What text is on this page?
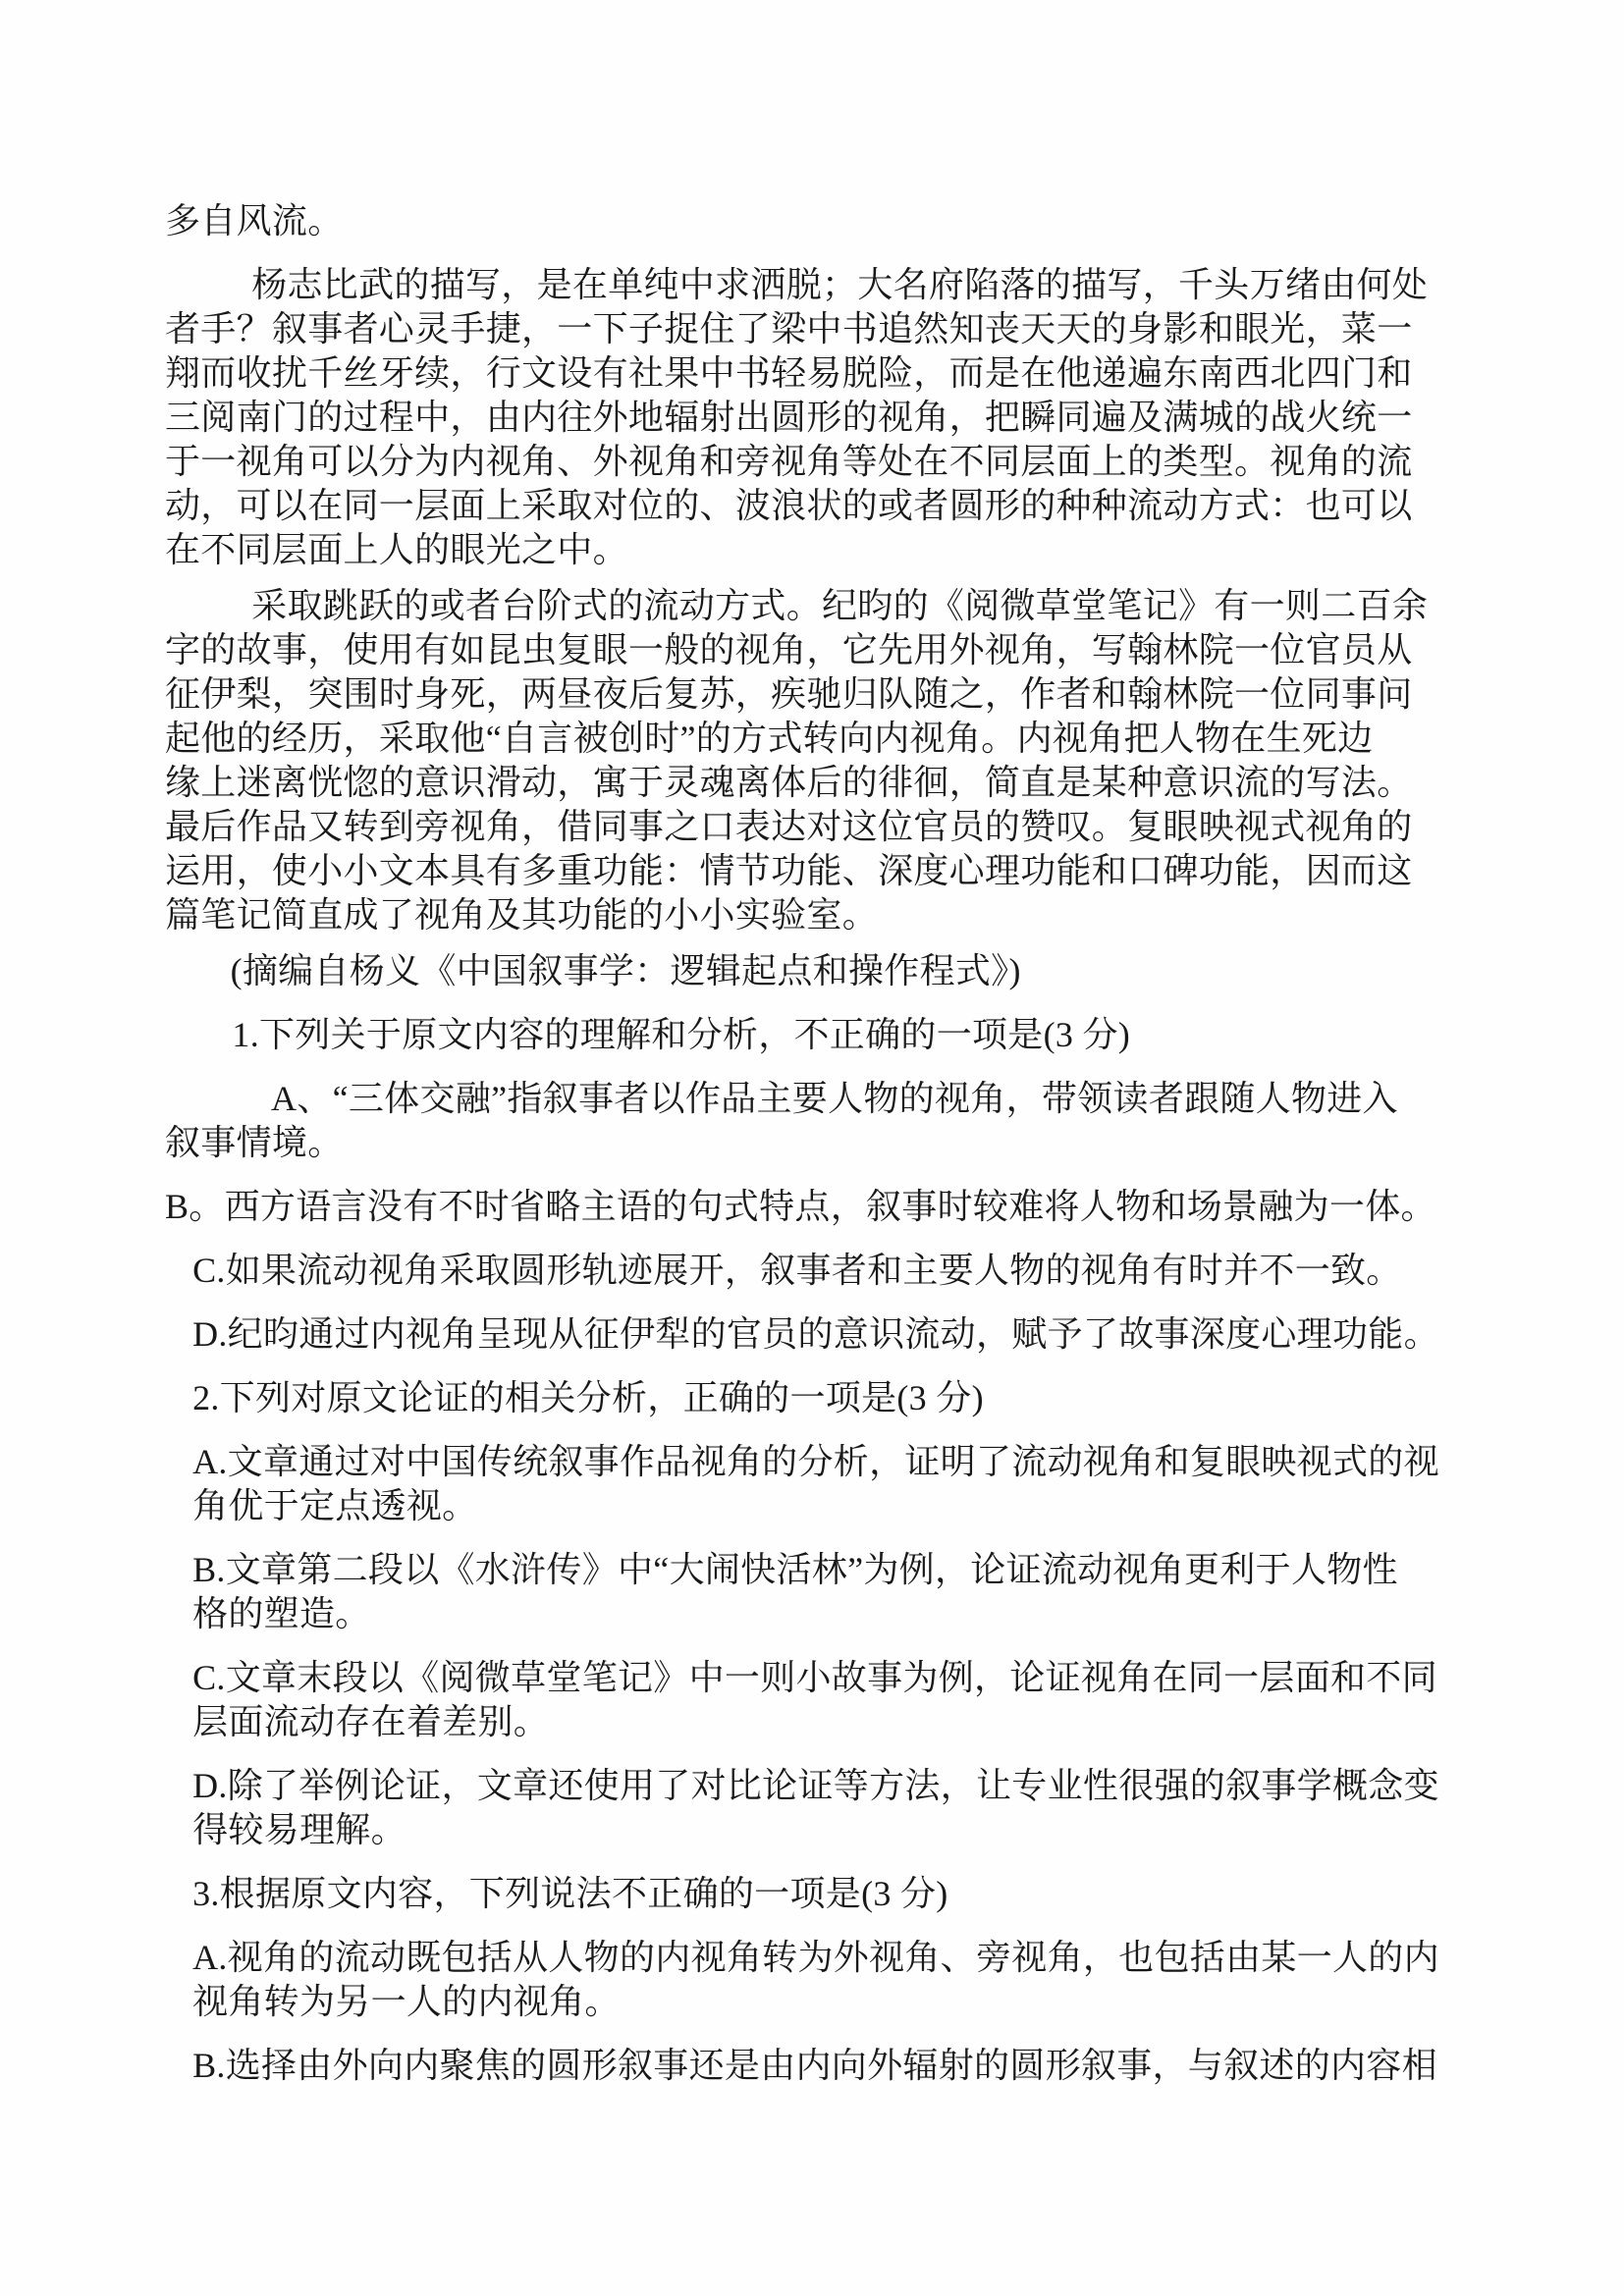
多自风流。
杨志比武的描写，是在单纯中求洒脱；大名府陷落的描写，千头万绪由何处
者手？叙事者心灵手捷，一下子捉住了梁中书追然知丧天天的身影和眼光，菜一
翔而收扰千丝牙续，行文设有社果中书轻易脱险，而是在他递遍东南西北四门和
三阅南门的过程中，由内往外地辐射出圆形的视角，把瞬同遍及满城的战火统一
于一视角可以分为内视角、外视角和旁视角等处在不同层面上的类型。视角的流
动，可以在同一层面上采取对位的、波浪状的或者圆形的种种流动方式：也可以
在不同层面上人的眼光之中。
采取跳跃的或者台阶式的流动方式。纪昀的《阅微草堂笔记》有一则二百余
字的故事，使用有如昆虫复眼一般的视角，它先用外视角，写翰林院一位官员从
征伊梨，突围时身死，两昼夜后复苏，疾驰归队随之，作者和翰林院一位同事问
起他的经历，采取他“自言被创时”的方式转向内视角。内视角把人物在生死边
缘上迷离恍惚的意识滑动，寓于灵魂离体后的徘徊，简直是某种意识流的写法。
最后作品又转到旁视角，借同事之口表达对这位官员的赞叹。复眼映视式视角的
运用，使小小文本具有多重功能：情节功能、深度心理功能和口碑功能，因而这
篇笔记简直成了视角及其功能的小小实验室。
(摘编自杨义《中国叙事学：逻辑起点和操作程式》)
1.下列关于原文内容的理解和分析，不正确的一项是(3 分)
A、“三体交融”指叙事者以作品主要人物的视角，带领读者跟随人物进入
叙事情境。
B。西方语言没有不时省略主语的句式特点，叙事时较难将人物和场景融为一体。
C.如果流动视角采取圆形轨迹展开，叙事者和主要人物的视角有时并不一致。
D.纪昀通过内视角呈现从征伊犁的官员的意识流动，赋予了故事深度心理功能。
2.下列对原文论证的相关分析，正确的一项是(3 分)
A.文章通过对中国传统叙事作品视角的分析，证明了流动视角和复眼映视式的视
角优于定点透视。
B.文章第二段以《水浒传》中“大闹快活林”为例，论证流动视角更利于人物性
格的塑造。
C.文章末段以《阅微草堂笔记》中一则小故事为例，论证视角在同一层面和不同
层面流动存在着差别。
D.除了举例论证，文章还使用了对比论证等方法，让专业性很强的叙事学概念变
得较易理解。
3.根据原文内容，下列说法不正确的一项是(3 分)
A.视角的流动既包括从人物的内视角转为外视角、旁视角，也包括由某一人的内
视角转为另一人的内视角。
B.选择由外向内聚焦的圆形叙事还是由内向外辐射的圆形叙事，与叙述的内容相
